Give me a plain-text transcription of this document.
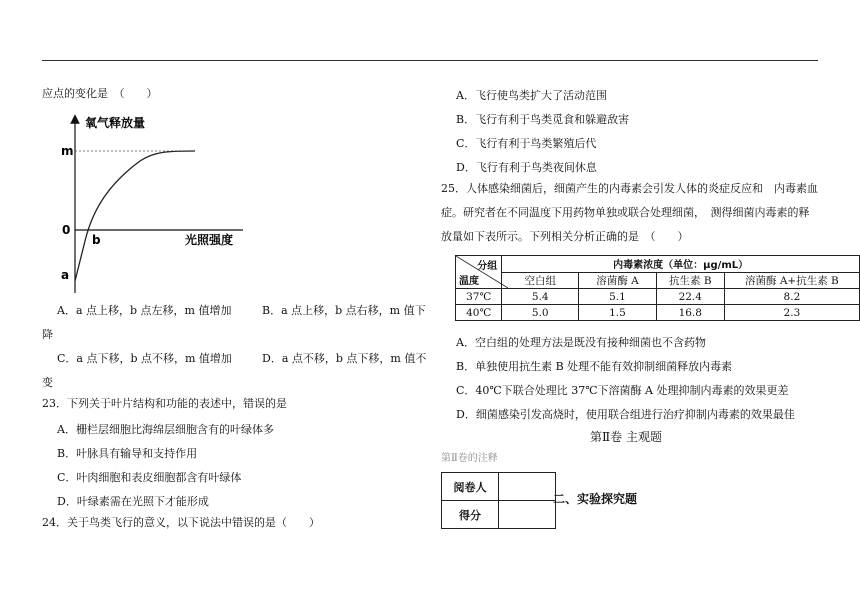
应点的变化是　（　　）
氧气释放量
m
0
b	光照强度
a
A．a 点上移，b 点左移，m 值增加	B．a 点上移，b 点右移，m 值下
降
C．a 点下移，b 点不移，m 值增加	D．a 点不移，b 点下移，m 值不
变
23．下列关于叶片结构和功能的表述中，错误的是
A．栅栏层细胞比海绵层细胞含有的叶绿体多
B．叶脉具有输导和支持作用
C．叶肉细胞和表皮细胞都含有叶绿体
D．叶绿素需在光照下才能形成
24．关于鸟类飞行的意义，以下说法中错误的是（　　）
A．飞行使鸟类扩大了活动范围
B．飞行有利于鸟类觅食和躲避敌害
C．飞行有利于鸟类繁殖后代
D．飞行有利于鸟类夜间休息
25．人体感染细菌后，细菌产生的内毒素会引发人体的炎症反应和　内毒素血
症。研究者在不同温度下用药物单独或联合处理细菌，　测得细菌内毒素的释
放量如下表所示。下列相关分析正确的是　（　　）
分组
温度	内毒素浓度（单位：μg/mL）			
	空白组	溶菌酶 A	抗生素 B	溶菌酶 A+抗生素 B
37℃	5.4	5.1	22.4	8.2
40℃	5.0	1.5	16.8	2.3
A．空白组的处理方法是既没有接种细菌也不含药物
B．单独使用抗生素 B 处理不能有效抑制细菌释放内毒素
C．40℃下联合处理比 37℃下溶菌酶 A 处理抑制内毒素的效果更差
D．细菌感染引发高烧时，使用联合组进行治疗抑制内毒素的效果最佳
第Ⅱ卷 主观题
第Ⅱ卷的注释
阅卷人	
得分	
二、实验探究题
